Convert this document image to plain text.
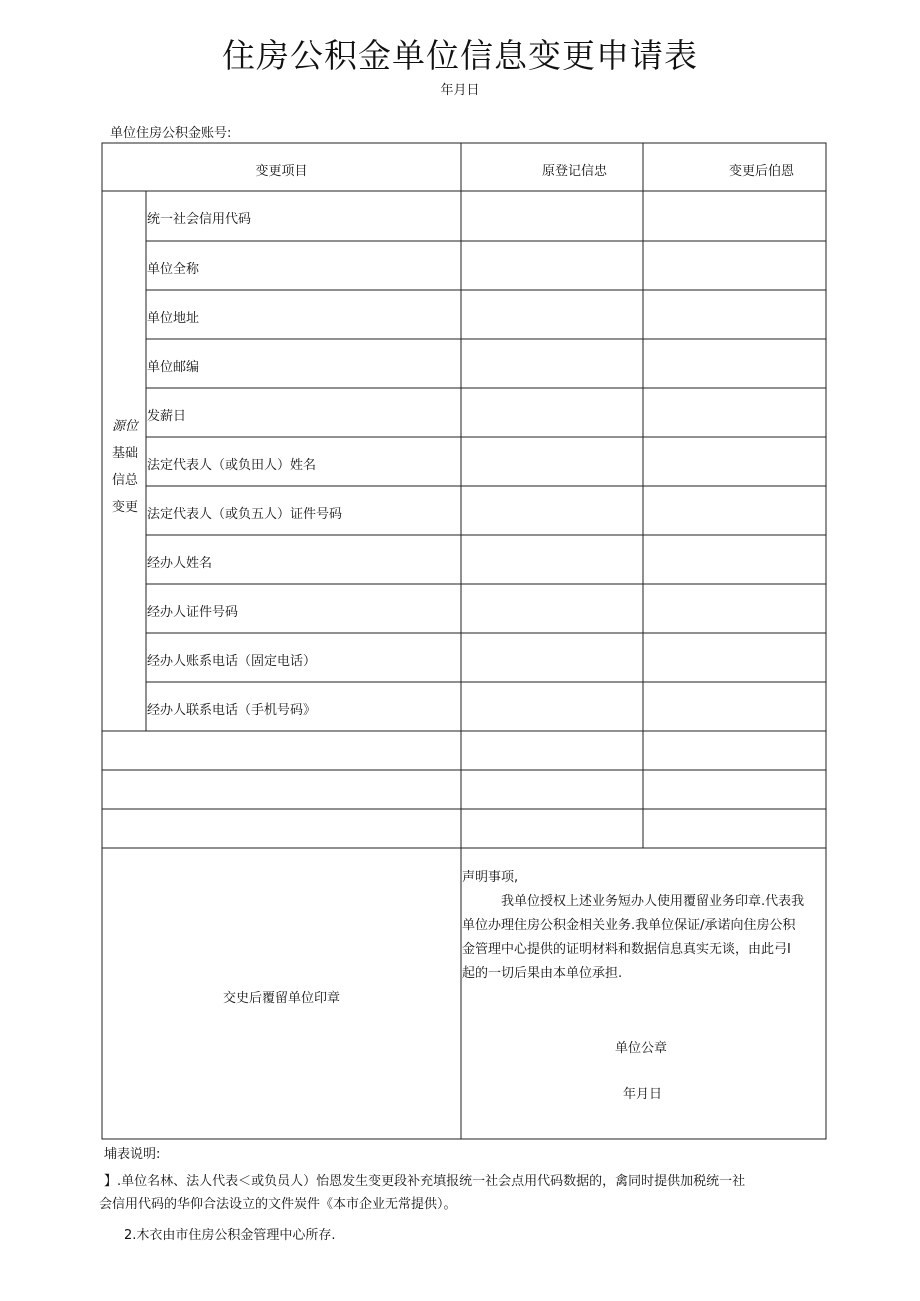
住房公积金单位信息变更申请表
年月日
单位住房公积金账号:
变更项目	原登记信忠	变更后伯恩
源位
基础
信总
变更
统一社会信用代码
单位全称
单位地址
单位邮编
发薪日
法定代表人（或负田人）姓名
法定代表人（或负五人）证件号码
经办人姓名
经办人证件号码
经办人账系电话（固定电话）
经办人联系电话（手机号码》
交史后覆留单位印章
声明事项,
我单位授权上述业务短办人使用覆留业务印章.代表我
单位办理住房公积金相关业务.我单位保证/承诺向住房公积
金管理中心提供的证明材料和数据信息真实无谈，由此弓I
起的一切后果由本单位承担.
单位公章
年月日
埔表说明:
】.单位名林、法人代表＜或负员人）怡恩发生变更段补充填报统一社会点用代码数据的，禽同时提供加税统一社
会信用代码的华仰合法设立的文件炭件《本市企业无常提供）。
2.木衣由市住房公积金管理中心所存.
